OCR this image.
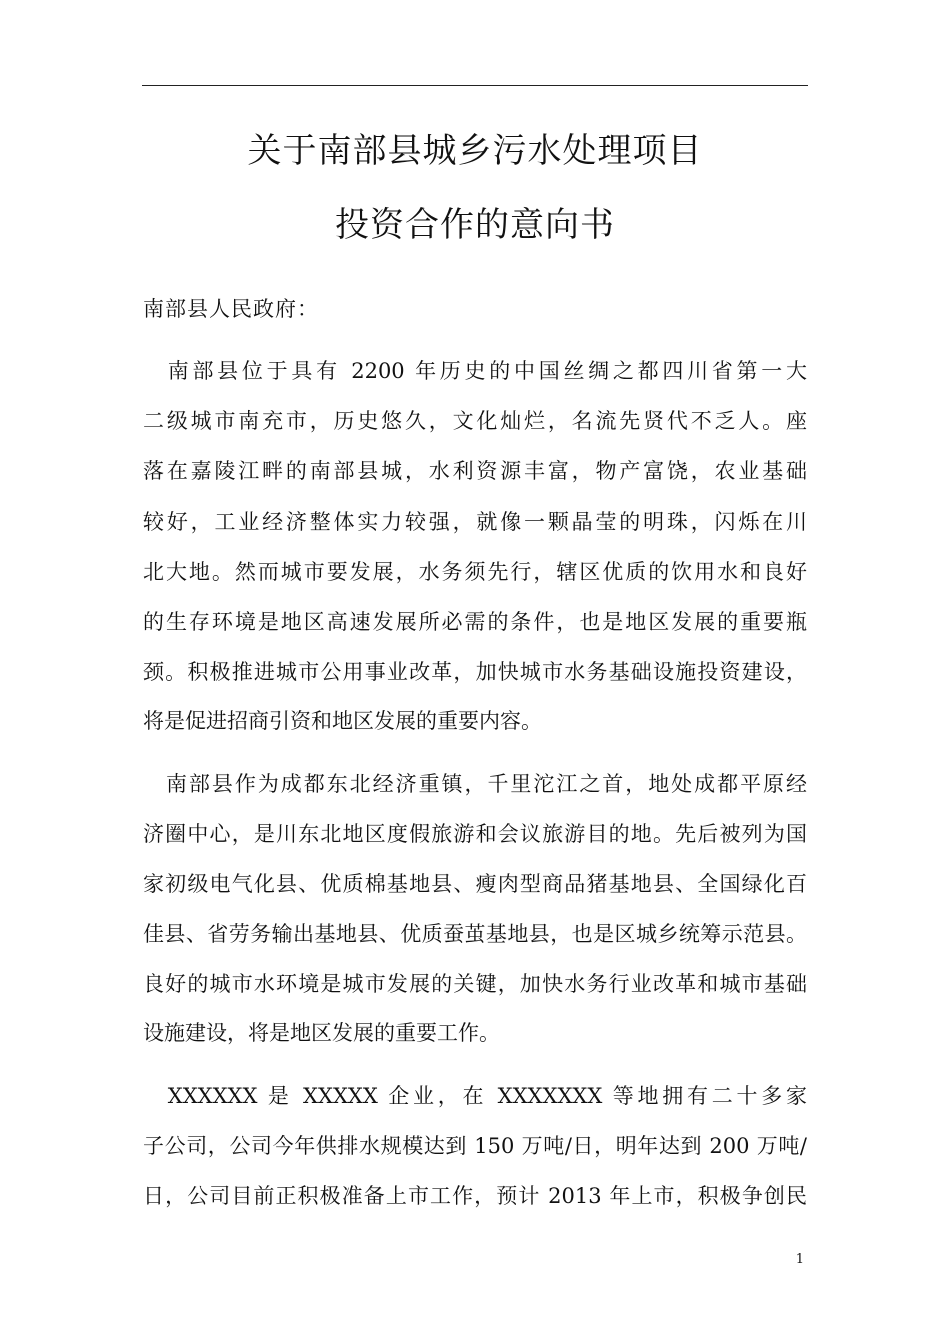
关于南部县城乡污水处理项目
投资合作的意向书
南部县人民政府：
　南部县位于具有 2200 年历史的中国丝绸之都四川省第一大
二级城市南充市，历史悠久，文化灿烂，名流先贤代不乏人。座
落在嘉陵江畔的南部县城，水利资源丰富，物产富饶，农业基础
较好，工业经济整体实力较强，就像一颗晶莹的明珠，闪烁在川
北大地。然而城市要发展，水务须先行，辖区优质的饮用水和良好
的生存环境是地区高速发展所必需的条件，也是地区发展的重要瓶
颈。积极推进城市公用事业改革，加快城市水务基础设施投资建设，
将是促进招商引资和地区发展的重要内容。
　南部县作为成都东北经济重镇，千里沱江之首，地处成都平原经
济圈中心，是川东北地区度假旅游和会议旅游目的地。先后被列为国
家初级电气化县、优质棉基地县、瘦肉型商品猪基地县、全国绿化百
佳县、省劳务输出基地县、优质蚕茧基地县，也是区城乡统筹示范县。
良好的城市水环境是城市发展的关键，加快水务行业改革和城市基础
设施建设，将是地区发展的重要工作。
　XXXXXX 是 XXXXX 企业，在 XXXXXXX 等地拥有二十多家
子公司，公司今年供排水规模达到 150 万吨/日，明年达到 200 万吨/
日，公司目前正积极准备上市工作，预计 2013 年上市，积极争创民
1
